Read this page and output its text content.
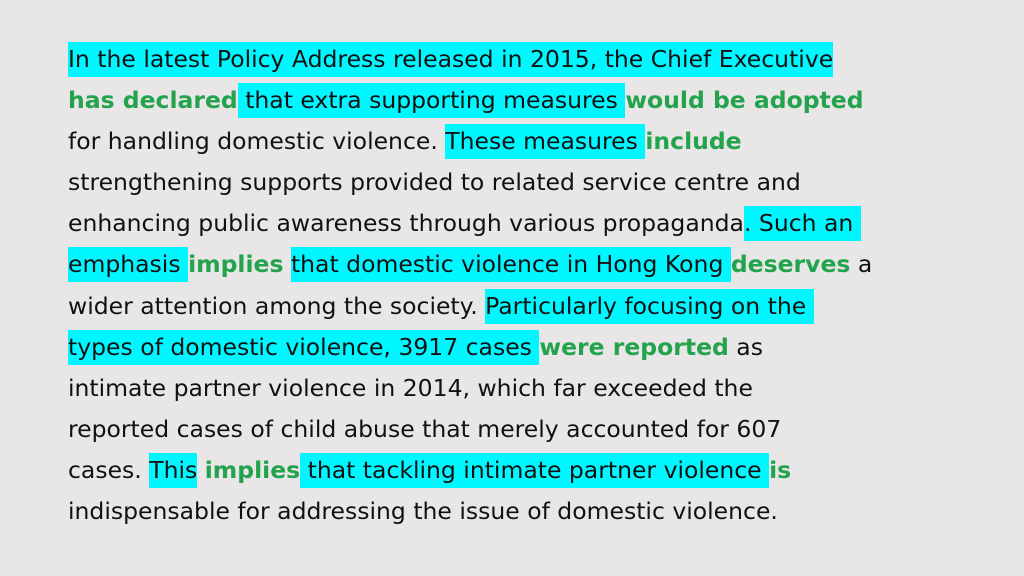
In the latest Policy Address released in 2015, the Chief Executive
has declared that extra supporting measures would be adopted
for handling domestic violence. These measures include
strengthening supports provided to related service centre and
enhancing public awareness through various propaganda. Such an
emphasis implies that domestic violence in Hong Kong deserves a
wider attention among the society. Particularly focusing on the
types of domestic violence, 3917 cases were reported as
intimate partner violence in 2014, which far exceeded the
reported cases of child abuse that merely accounted for 607
cases. This implies that tackling intimate partner violence is
indispensable for addressing the issue of domestic violence.
